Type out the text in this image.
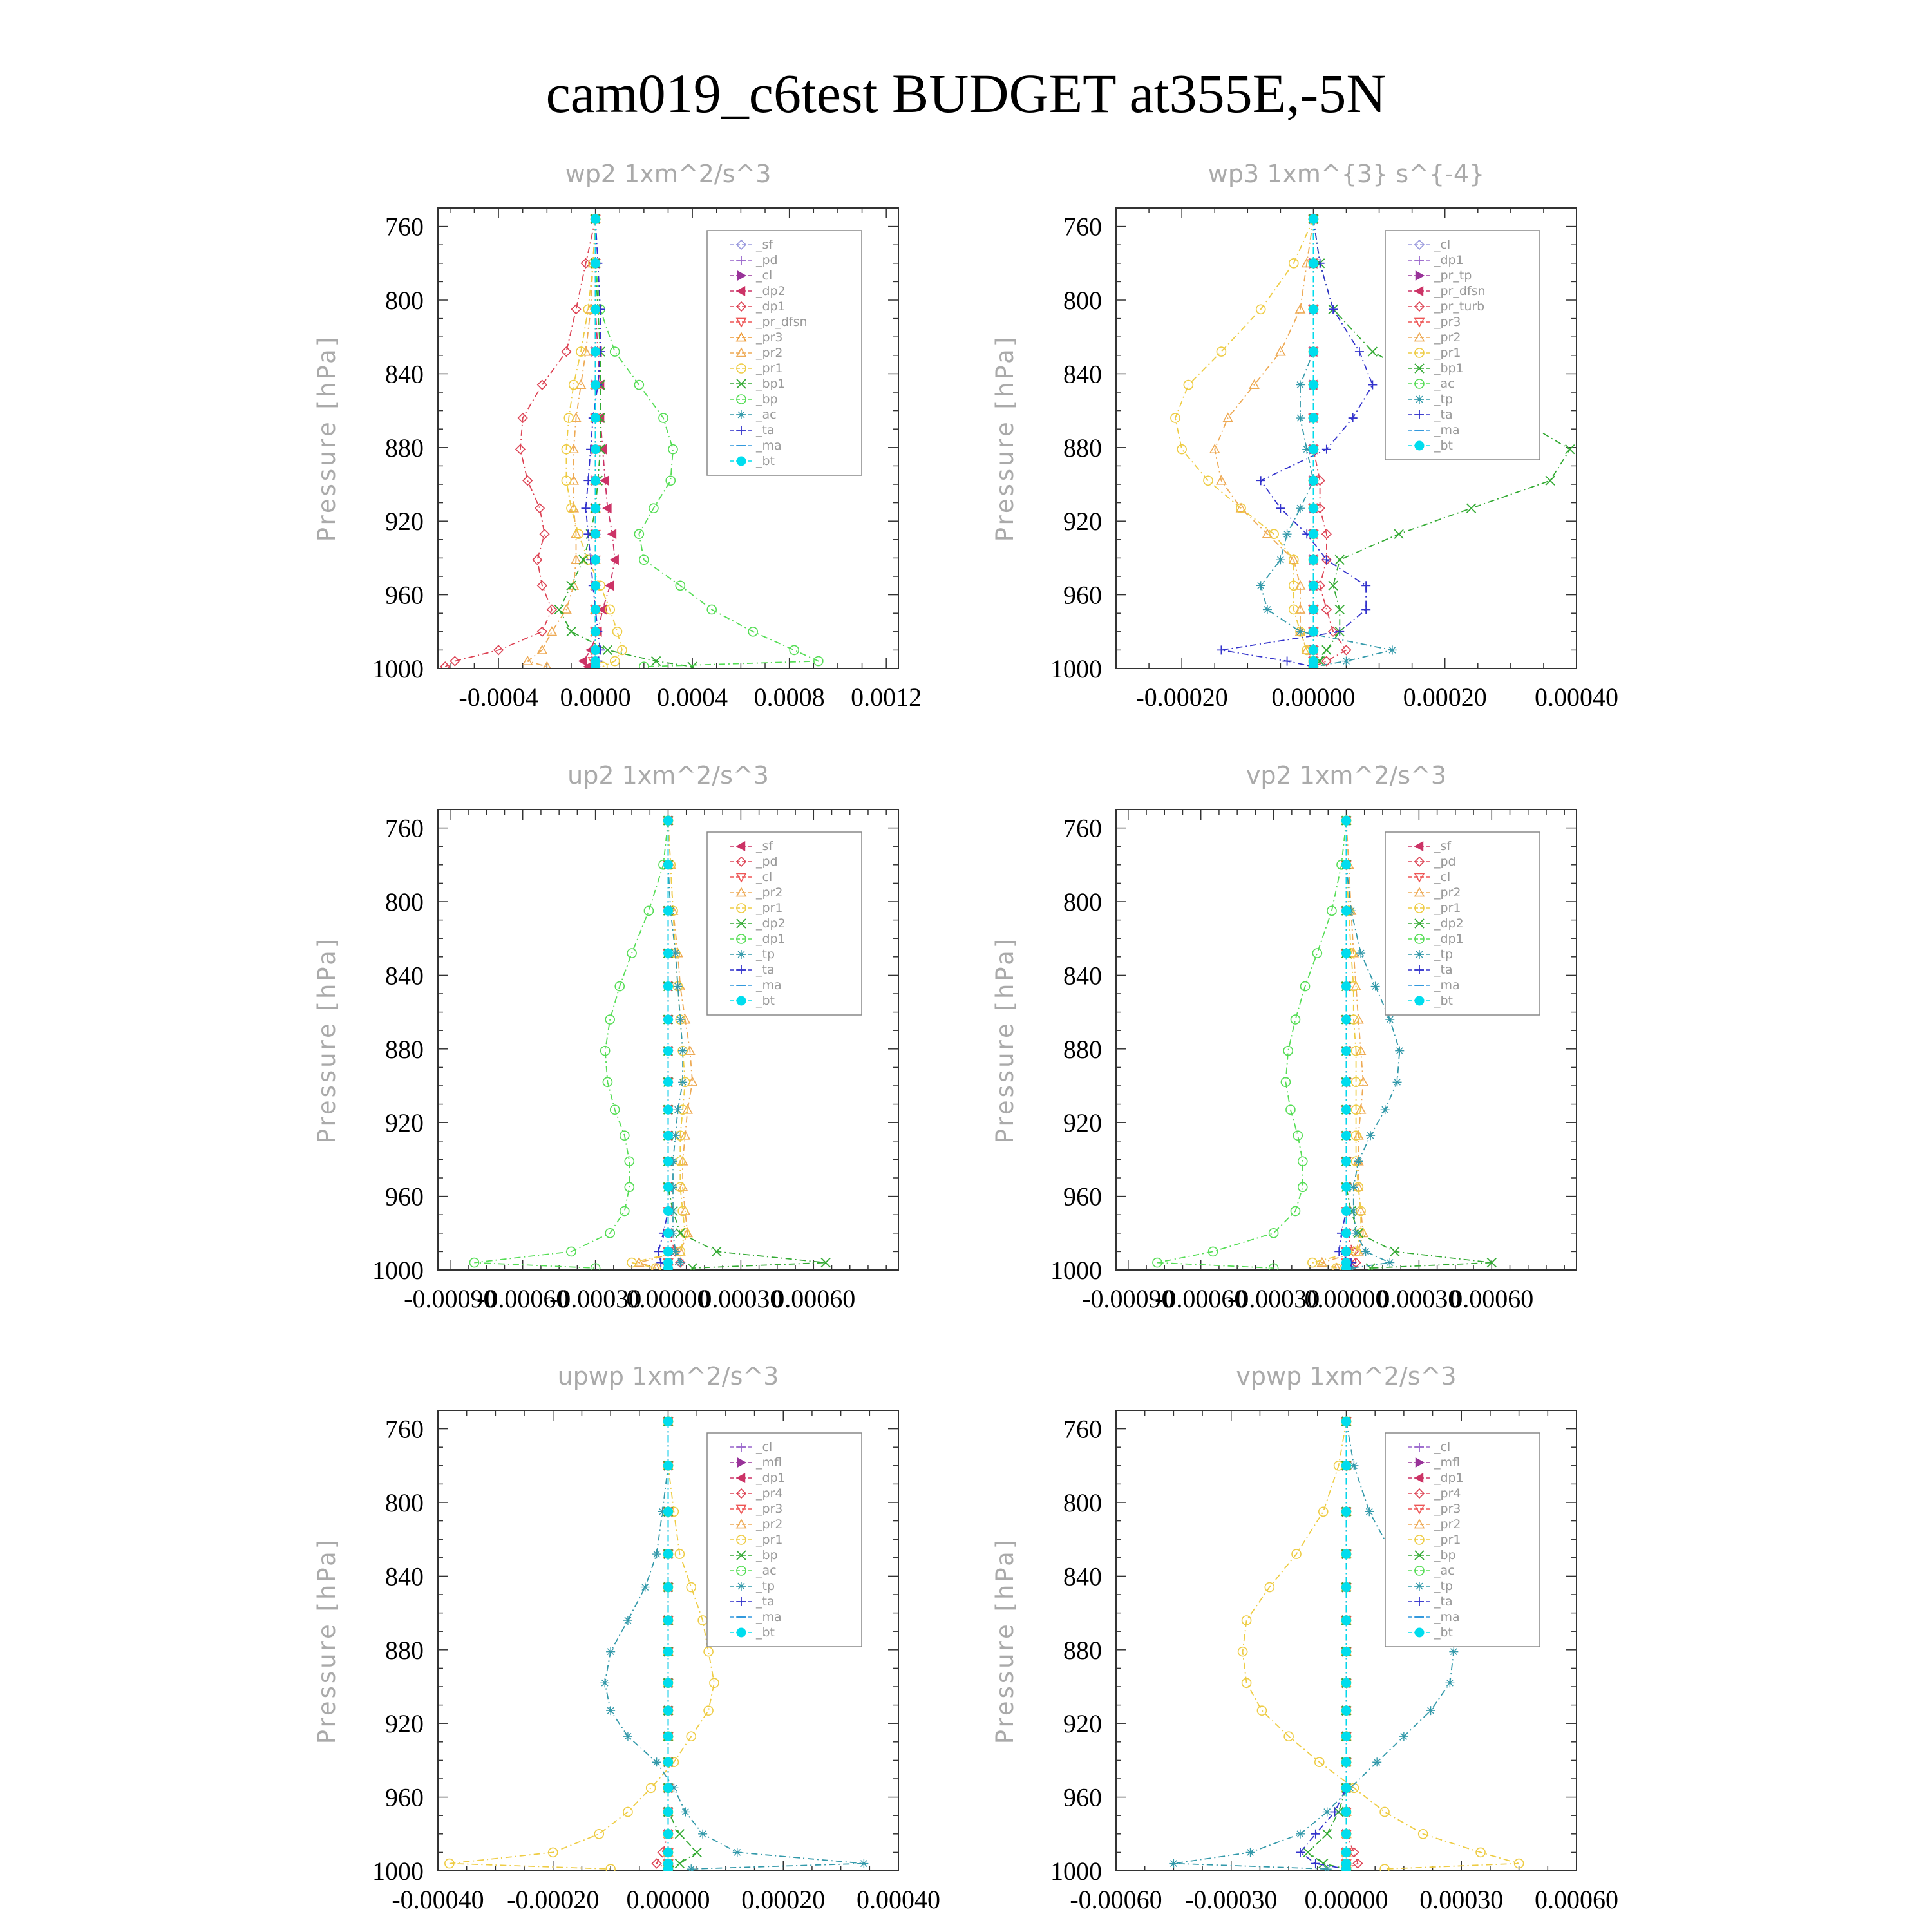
cam019_c6test BUDGET at355E,-5N
wp2 1xm^2/s^3
Pressure [hPa]
760
800
840
880
920
960
1000
-0.0004 0.0000 0.0004 0.0008 0.0012
_sf
_pd
_cl
_dp2
_dp1
_pr_dfsn
_pr3
_pr2
_pr1
_bp1
_bp
_ac
_ta
_ma
_bt
wp3 1xm^{3} s^{-4}
Pressure [hPa]
760
800
840
880
920
960
1000
-0.00020 0.00000 0.00020 0.00040
_cl
_dp1
_pr_tp
_pr_dfsn
_pr_turb
_pr3
_pr2
_pr1
_bp1
_ac
_tp
_ta
_ma
_bt
up2 1xm^2/s^3
Pressure [hPa]
760
800
840
880
920
960
1000
-0.00090
-0.00060
-0.00030
0.00000
0.00030
0.00060
_sf
_pd
_cl
_pr2
_pr1
_dp2
_dp1
_tp
_ta
_ma
_bt
vp2 1xm^2/s^3
Pressure [hPa]
760
800
840
880
920
960
1000
-0.00090
-0.00060
-0.00030
0.00000
0.00030
0.00060
_sf
_pd
_cl
_pr2
_pr1
_dp2
_dp1
_tp
_ta
_ma
_bt
upwp 1xm^2/s^3
Pressure [hPa]
760
800
840
880
920
960
1000
-0.00040 -0.00020 0.00000 0.00020 0.00040
_cl
_mfl
_dp1
_pr4
_pr3
_pr2
_pr1
_bp
_ac
_tp
_ta
_ma
_bt
vpwp 1xm^2/s^3
Pressure [hPa]
760
800
840
880
920
960
1000
-0.00060 -0.00030 0.00000 0.00030 0.00060
_cl
_mfl
_dp1
_pr4
_pr3
_pr2
_pr1
_bp
_ac
_tp
_ta
_ma
_bt
